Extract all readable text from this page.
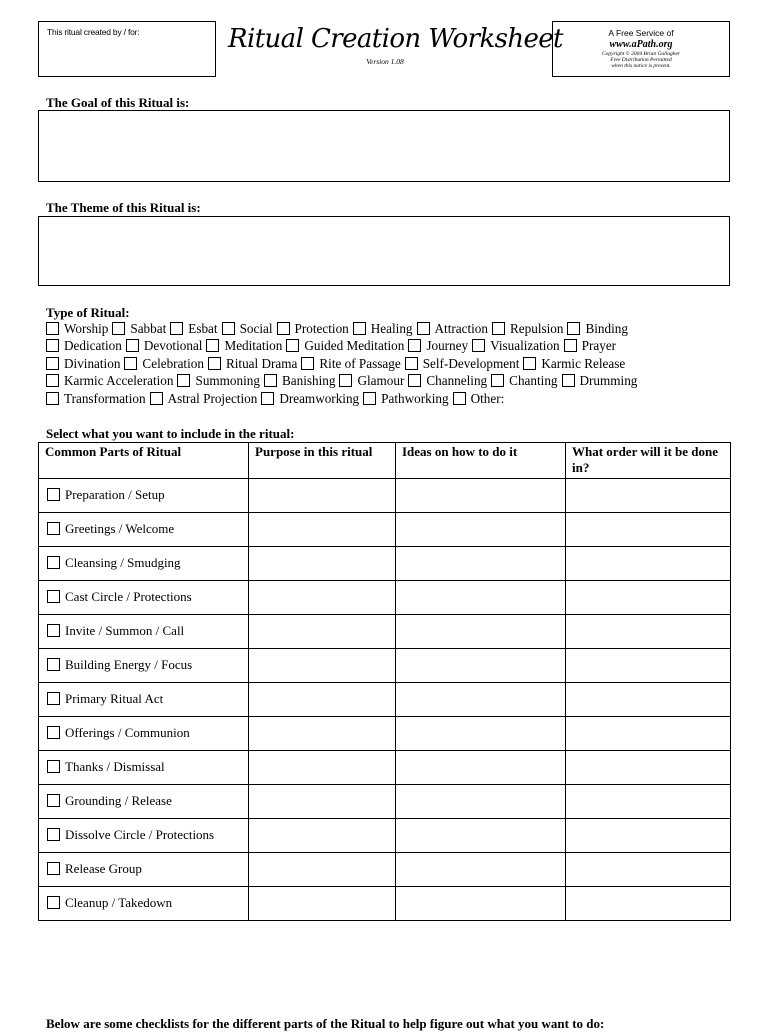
This ritual created by / for:	Ritual Creation Worksheet
Version 1.08
A Free Service of
www.aPath.org
Copyright © 2004 Brian Gallagher
Free Distribution Permitted
when this notice is present.
The Goal of this Ritual is:
The Theme of this Ritual is:
Type of Ritual:
Worship Sabbat Esbat Social Protection Healing Attraction Repulsion Binding
Dedication Devotional Meditation Guided Meditation Journey Visualization Prayer
Divination Celebration Ritual Drama Rite of Passage Self-Development Karmic Release
Karmic Acceleration Summoning Banishing Glamour Channeling Chanting Drumming
Transformation Astral Projection Dreamworking Pathworking Other:
Select what you want to include in the ritual:
Common Parts of Ritual	Purpose in this ritual	Ideas on how to do it	What order will it be done in?
Preparation / Setup			
Greetings / Welcome			
Cleansing / Smudging			
Cast Circle / Protections			
Invite / Summon / Call			
Building Energy / Focus			
Primary Ritual Act			
Offerings / Communion			
Thanks / Dismissal			
Grounding / Release			
Dissolve Circle / Protections			
Release Group			
Cleanup / Takedown			
Below are some checklists for the different parts of the Ritual to help figure out what you want to do:
